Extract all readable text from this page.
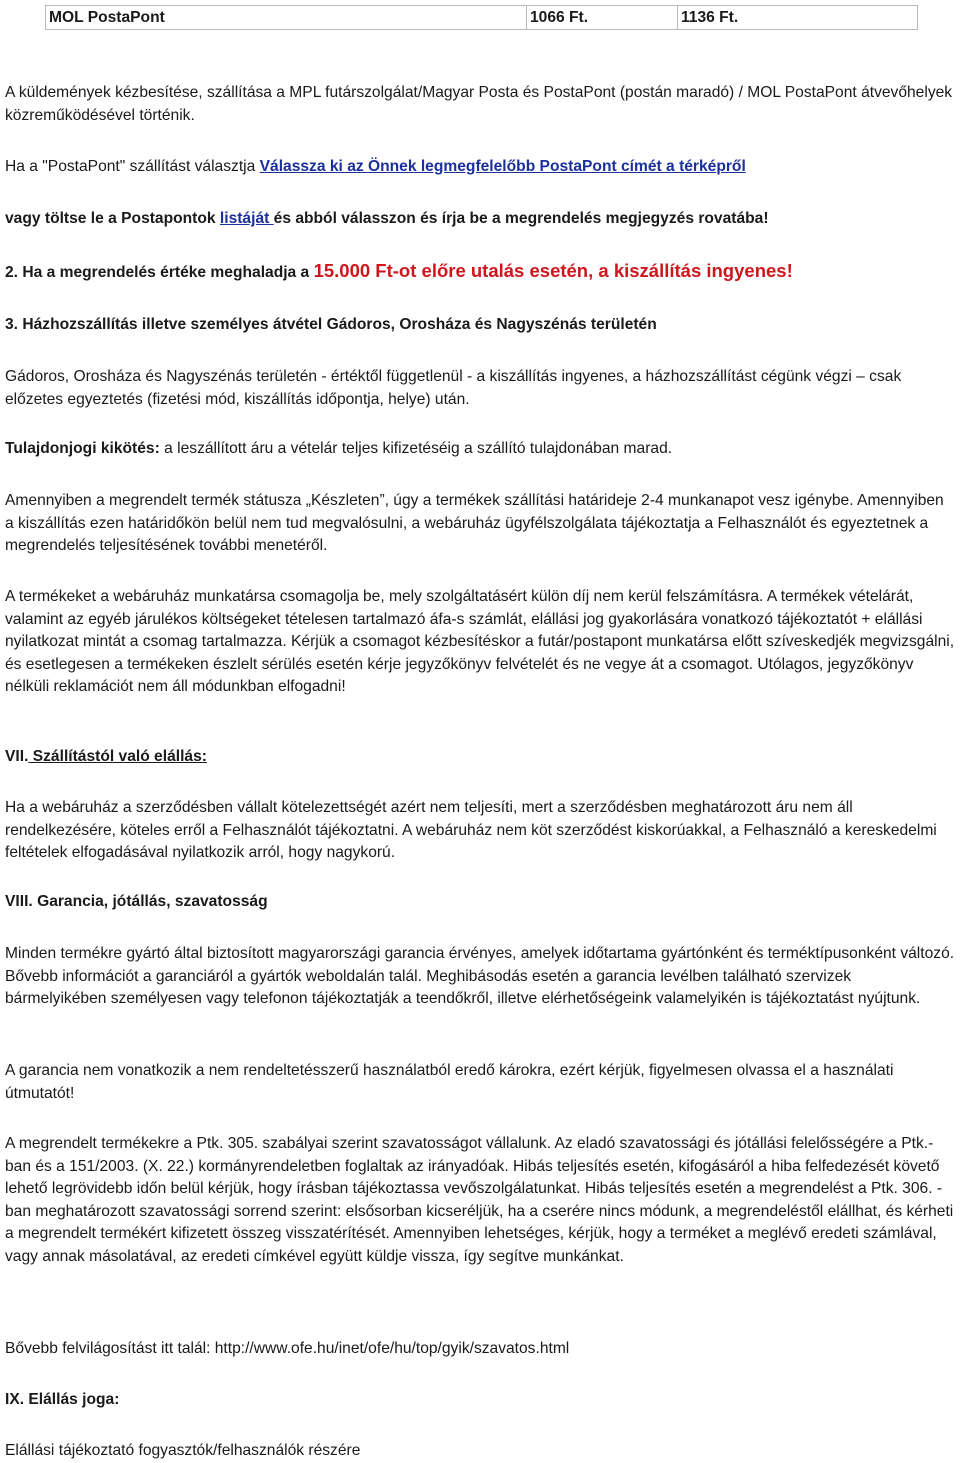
MOL PostaPont	1066 Ft.	1136 Ft.

A küldemények kézbesítése, szállítása a MPL futárszolgálat/Magyar Posta és PostaPont (postán maradó) / MOL PostaPont átvevőhelyek közreműködésével történik.

Ha a "PostaPont" szállítást választja Válassza ki az Önnek legmegfelelőbb PostaPont címét a térképről

vagy töltse le a Postapontok listáját és abból válasszon és írja be a megrendelés megjegyzés rovatába!

2. Ha a megrendelés értéke meghaladja a 15.000 Ft-ot előre utalás esetén, a kiszállítás ingyenes!

3. Házhozszállítás illetve személyes átvétel Gádoros, Orosháza és Nagyszénás területén

Gádoros, Orosháza és Nagyszénás területén - értéktől függetlenül - a kiszállítás ingyenes, a házhozszállítást cégünk végzi – csak előzetes egyeztetés (fizetési mód, kiszállítás időpontja, helye) után.

Tulajdonjogi kikötés: a leszállított áru a vételár teljes kifizetéséig a szállító tulajdonában marad.

Amennyiben a megrendelt termék státusza „Készleten”, úgy a termékek szállítási határideje 2-4 munkanapot vesz igénybe. Amennyiben a kiszállítás ezen határidőkön belül nem tud megvalósulni, a webáruház ügyfélszolgálata tájékoztatja a Felhasználót és egyeztetnek a megrendelés teljesítésének további menetéről.

A termékeket a webáruház munkatársa csomagolja be, mely szolgáltatásért külön díj nem kerül felszámításra. A termékek vételárát, valamint az egyéb járulékos költségeket tételesen tartalmazó áfa-s számlát, elállási jog gyakorlására vonatkozó tájékoztatót + elállási nyilatkozat mintát a csomag tartalmazza. Kérjük a csomagot kézbesítéskor a futár/postapont munkatársa előtt szíveskedjék megvizsgálni, és esetlegesen a termékeken észlelt sérülés esetén kérje jegyzőkönyv felvételét és ne vegye át a csomagot. Utólagos, jegyzőkönyv nélküli reklamációt nem áll módunkban elfogadni!

VII. Szállítástól való elállás:

Ha a webáruház a szerződésben vállalt kötelezettségét azért nem teljesíti, mert a szerződésben meghatározott áru nem áll rendelkezésére, köteles erről a Felhasználót tájékoztatni. A webáruház nem köt szerződést kiskorúakkal, a Felhasználó a kereskedelmi feltételek elfogadásával nyilatkozik arról, hogy nagykorú.

VIII. Garancia, jótállás, szavatosság

Minden termékre gyártó által biztosított magyarországi garancia érvényes, amelyek időtartama gyártónként és terméktípusonként változó. Bővebb információt a garanciáról a gyártók weboldalán talál. Meghibásodás esetén a garancia levélben található szervizek bármelyikében személyesen vagy telefonon tájékoztatják a teendőkről, illetve elérhetőségeink valamelyikén is tájékoztatást nyújtunk.

A garancia nem vonatkozik a nem rendeltetésszerű használatból eredő károkra, ezért kérjük, figyelmesen olvassa el a használati útmutatót!

A megrendelt termékekre a Ptk. 305. szabályai szerint szavatosságot vállalunk. Az eladó szavatossági és jótállási felelősségére a Ptk.-ban és a 151/2003. (X. 22.) kormányrendeletben foglaltak az irányadóak. Hibás teljesítés esetén, kifogásáról a hiba felfedezését követő lehető legrövidebb időn belül kérjük, hogy írásban tájékoztassa vevőszolgálatunkat. Hibás teljesítés esetén a megrendelést a Ptk. 306. -ban meghatározott szavatossági sorrend szerint: elsősorban kicseréljük, ha a cserére nincs módunk, a megrendeléstől elállhat, és kérheti a megrendelt termékért kifizetett összeg visszatérítését. Amennyiben lehetséges, kérjük, hogy a terméket a meglévő eredeti számlával, vagy annak másolatával, az eredeti címkével együtt küldje vissza, így segítve munkánkat.

Bővebb felvilágosítást itt talál: http://www.ofe.hu/inet/ofe/hu/top/gyik/szavatos.html

IX. Elállás joga:

Elállási tájékoztató fogyasztók/felhasználók részére
